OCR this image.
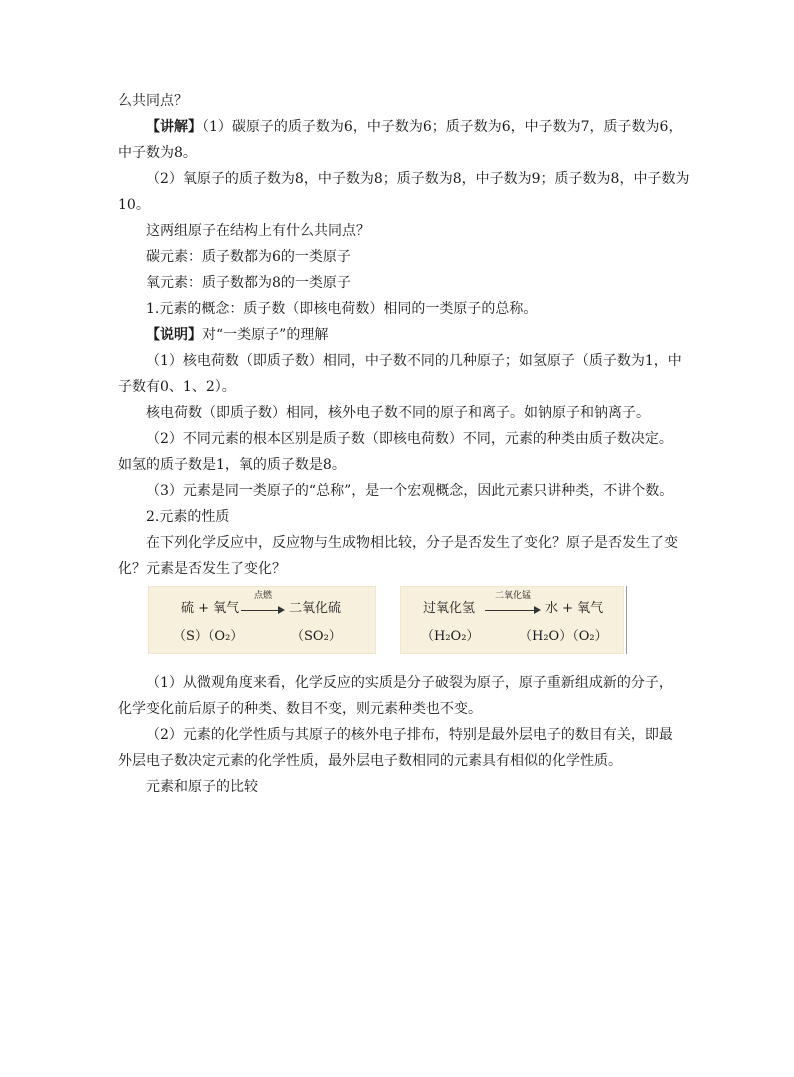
么共同点？
【讲解】（1）碳原子的质子数为6，中子数为6；质子数为6，中子数为7，质子数为6，
中子数为8。
（2）氧原子的质子数为8，中子数为8；质子数为8，中子数为9；质子数为8，中子数为
10。
这两组原子在结构上有什么共同点？
碳元素：质子数都为6的一类原子
氧元素：质子数都为8的一类原子
1.元素的概念：质子数（即核电荷数）相同的一类原子的总称。
【说明】对“一类原子”的理解
（1）核电荷数（即质子数）相同，中子数不同的几种原子；如氢原子（质子数为1，中
子数有0、1、2）。
核电荷数（即质子数）相同，核外电子数不同的原子和离子。如钠原子和钠离子。
（2）不同元素的根本区别是质子数（即核电荷数）不同，元素的种类由质子数决定。
如氢的质子数是1，氧的质子数是8。
（3）元素是同一类原子的“总称”，是一个宏观概念，因此元素只讲种类，不讲个数。
2.元素的性质
在下列化学反应中，反应物与生成物相比较，分子是否发生了变化？原子是否发生了变
化？元素是否发生了变化？
硫 + 氧气
点燃
二氧化硫
（S）（O₂）	（SO₂）
过氧化氢
二氧化锰
水 + 氧气
（H₂O₂）	（H₂O）（O₂）
（1）从微观角度来看，化学反应的实质是分子破裂为原子，原子重新组成新的分子，
化学变化前后原子的种类、数目不变，则元素种类也不变。
（2）元素的化学性质与其原子的核外电子排布，特别是最外层电子的数目有关，即最
外层电子数决定元素的化学性质，最外层电子数相同的元素具有相似的化学性质。
元素和原子的比较
